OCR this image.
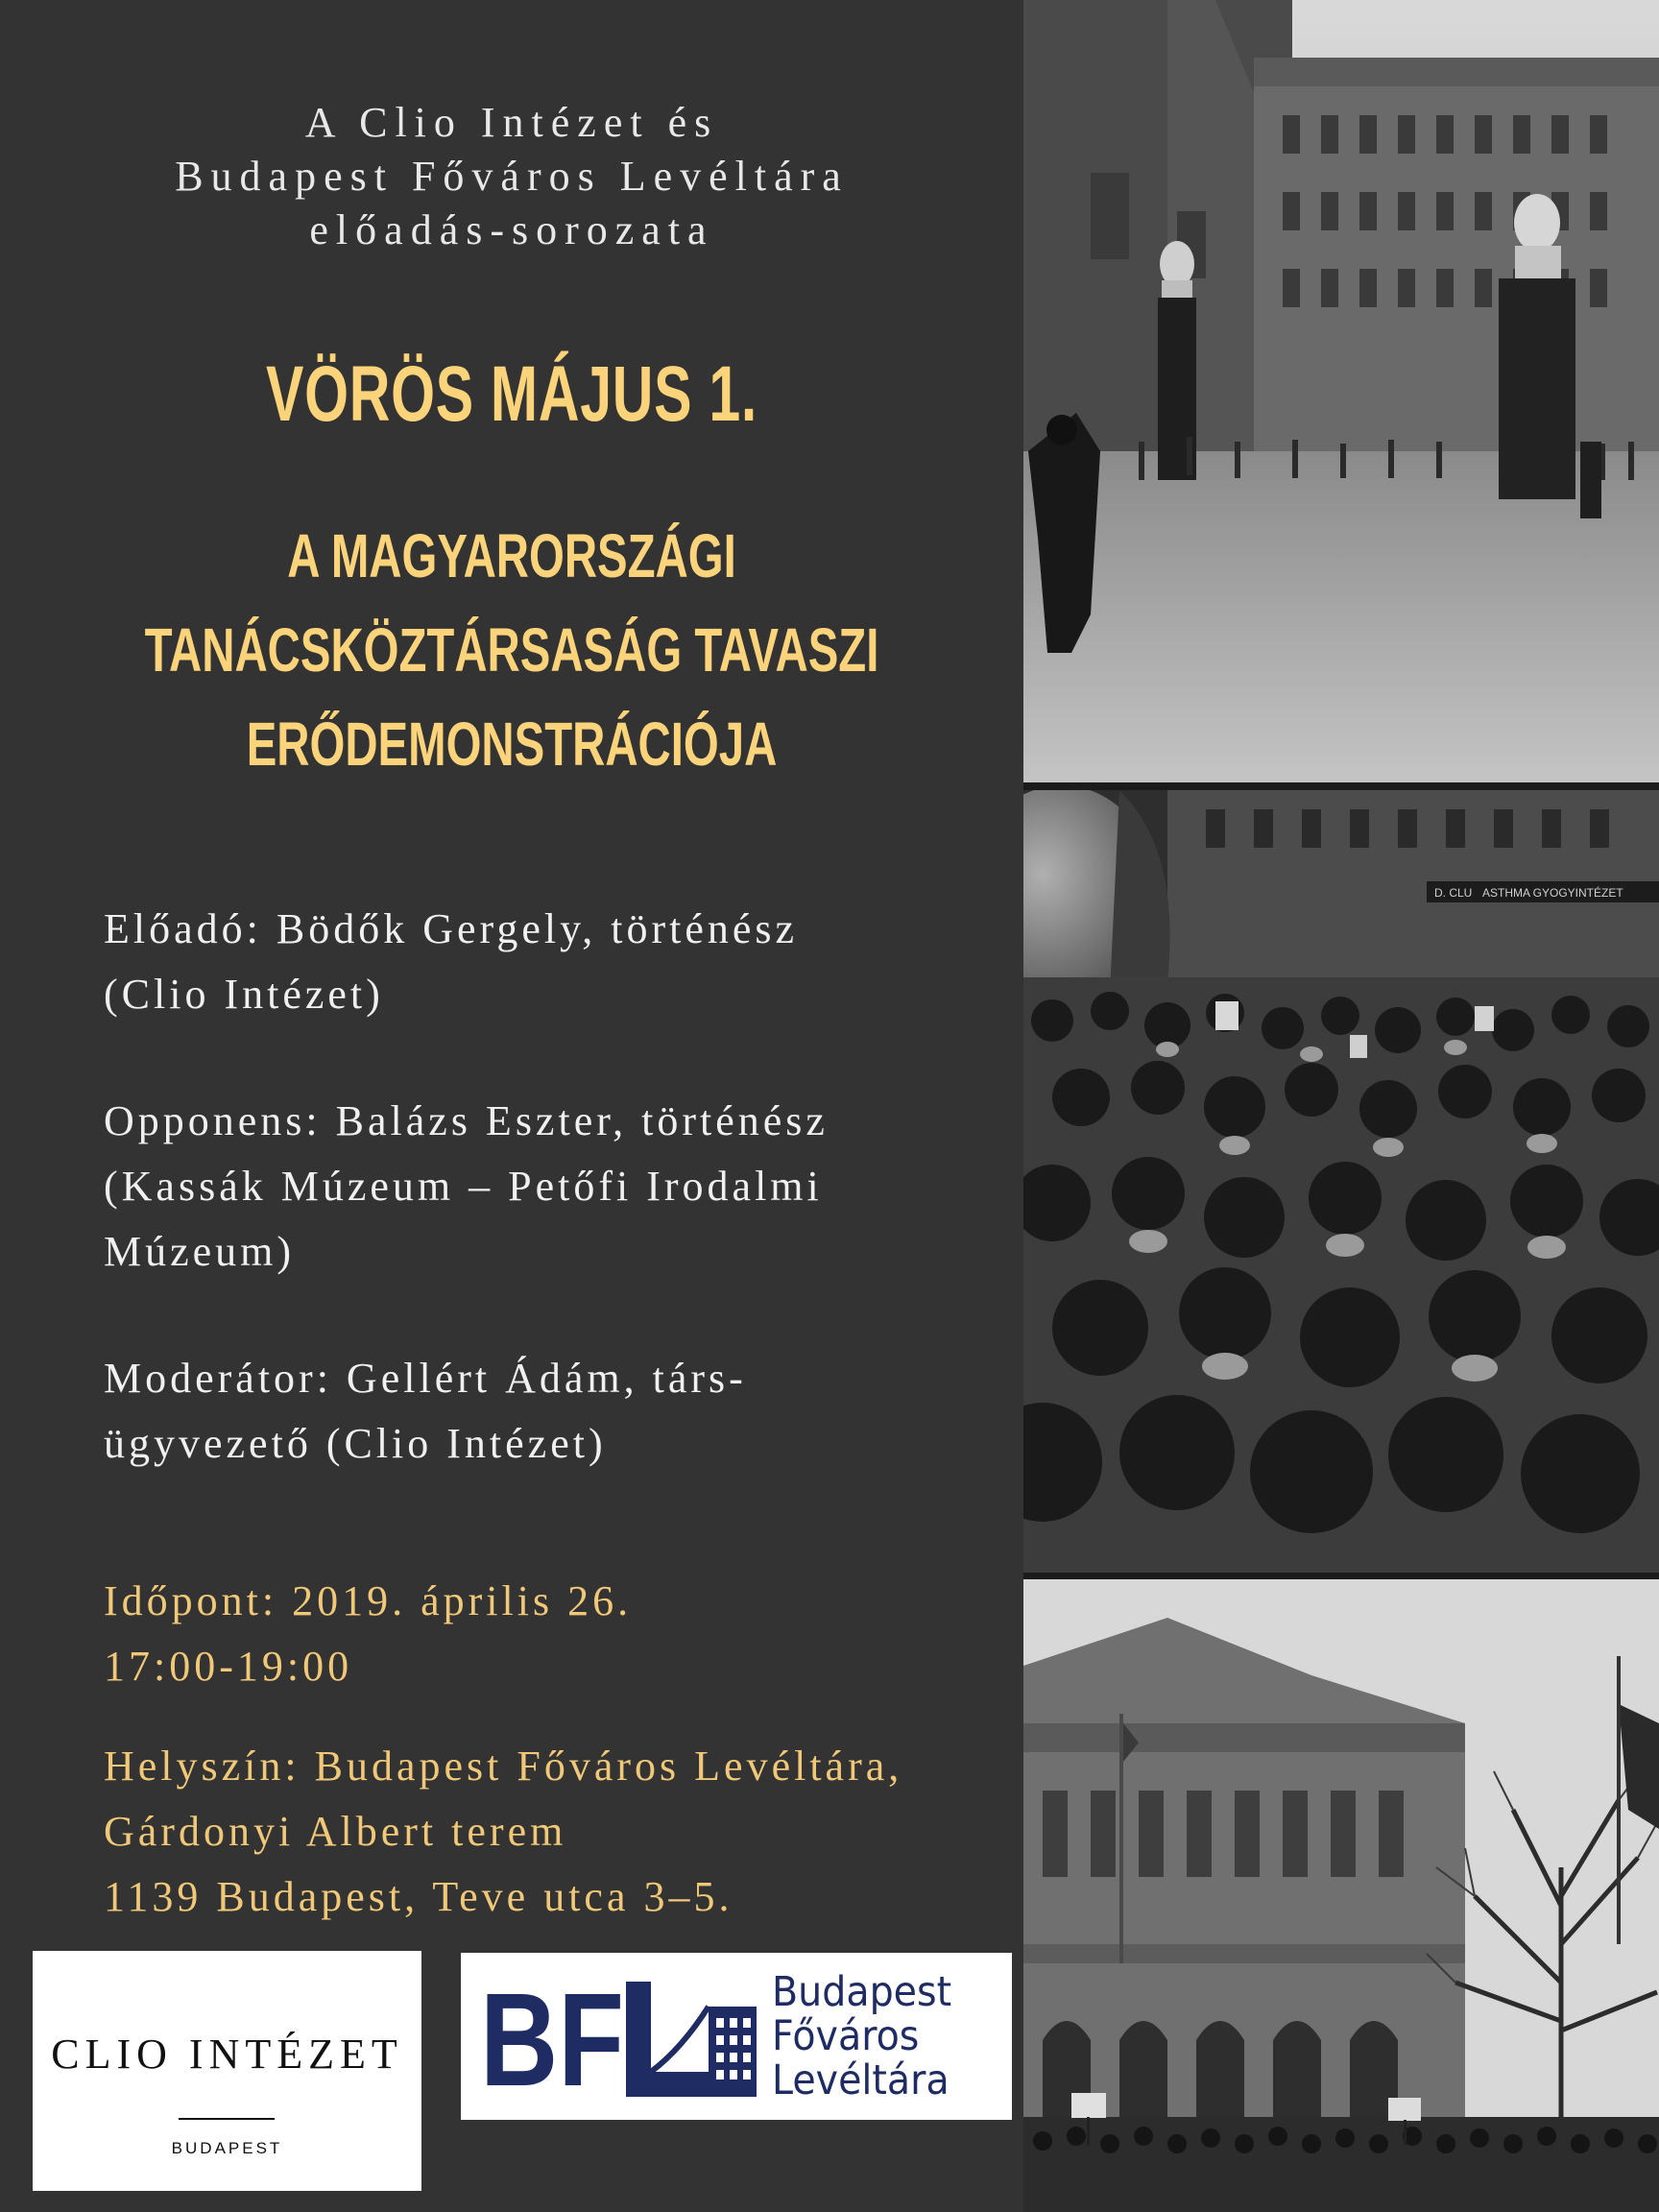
A Clio Intézet és
Budapest Főváros Levéltára
előadás-sorozata
VÖRÖS MÁJUS 1.
A MAGYARORSZÁGI
TANÁCSKÖZTÁRSASÁG TAVASZI
ERŐDEMONSTRÁCIÓJA
Előadó: Bödők Gergely, történész
(Clio Intézet)
Opponens: Balázs Eszter, történész
(Kassák Múzeum – Petőfi Irodalmi
Múzeum)
Moderátor: Gellért Ádám, társ-
ügyvezető (Clio Intézet)
Időpont: 2019. április 26.
17:00-19:00
Helyszín: Budapest Főváros Levéltára,
Gárdonyi Albert terem
1139 Budapest, Teve utca 3–5.
CLIO INTÉZET
BUDAPEST
BF	Budapest
Főváros
Levéltára
D. CLU ASTHMA GYOGYINTÉZET
